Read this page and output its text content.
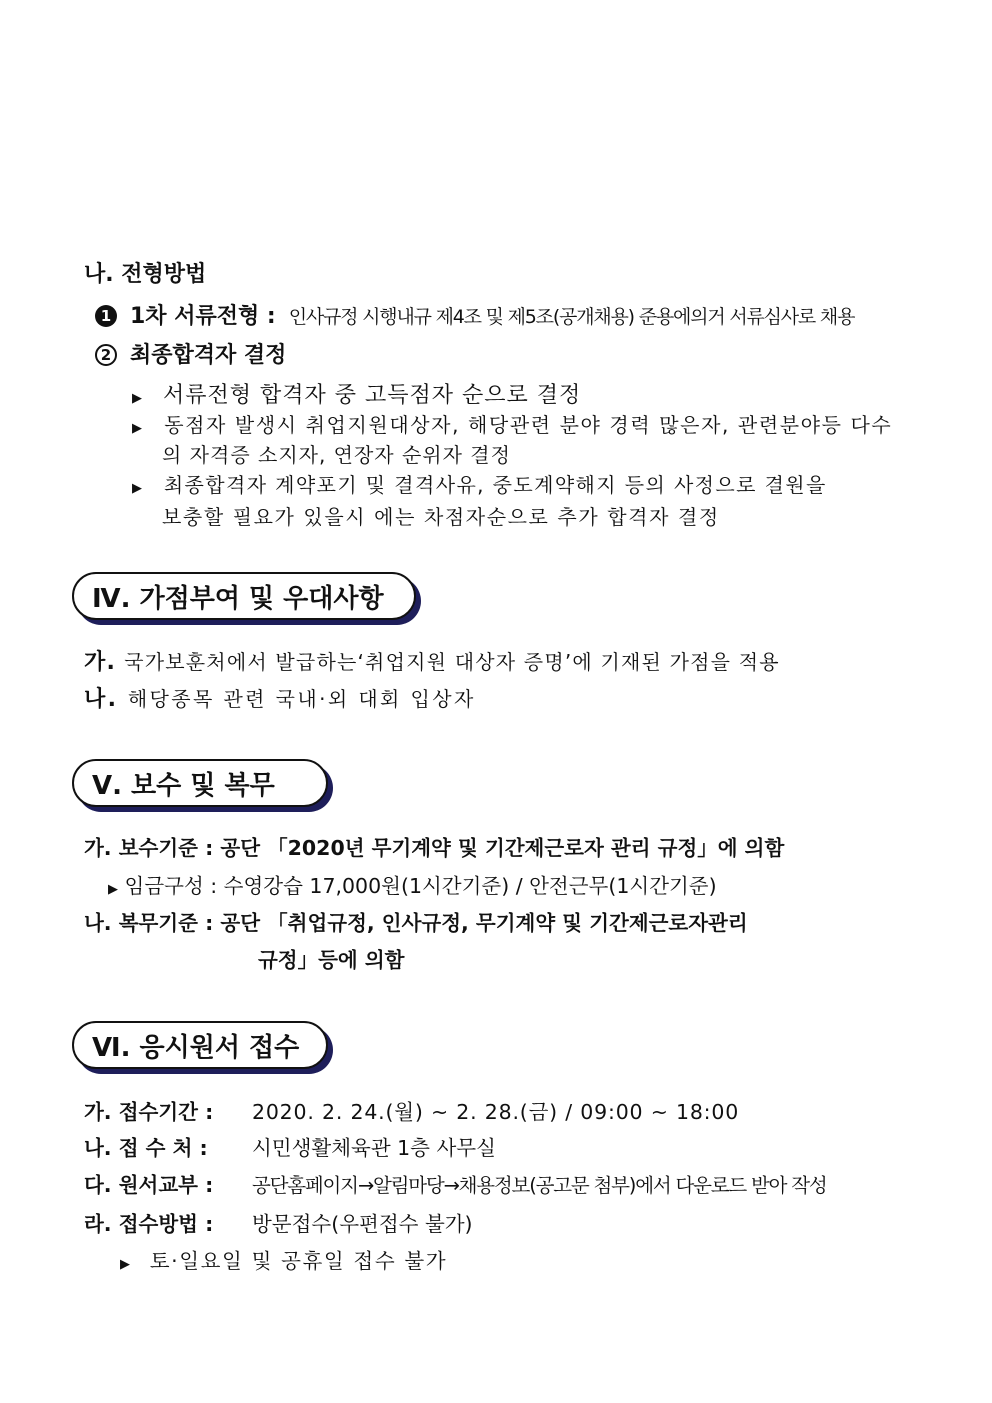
나. 전형방법
1 1차 서류전형 : 인사규정 시행내규 제4조 및 제5조(공개채용) 준용에의거 서류심사로 채용
2 최종합격자 결정
▶ 서류전형 합격자 중 고득점자 순으로 결정
▶ 동점자 발생시 취업지원대상자, 해당관련 분야 경력 많은자, 관련분야등 다수
의 자격증 소지자, 연장자 순위자 결정
▶ 최종합격자 계약포기 및 결격사유, 중도계약해지 등의 사정으로 결원을
보충할 필요가 있을시 에는 차점자순으로 추가 합격자 결정
Ⅳ. 가점부여 및 우대사항
가. 국가보훈처에서 발급하는‘취업지원 대상자 증명’에 기재된 가점을 적용
나. 해당종목 관련 국내·외 대회 입상자
Ⅴ. 보수 및 복무
가. 보수기준 : 공단 「2020년 무기계약 및 기간제근로자 관리 규정」에 의함
▶ 임금구성 : 수영강습 17,000원(1시간기준) / 안전근무(1시간기준)
나. 복무기준 : 공단 「취업규정, 인사규정, 무기계약 및 기간제근로자관리
규정」등에 의함
Ⅵ. 응시원서 접수
가. 접수기간 : 2020. 2. 24.(월) ~ 2. 28.(금) / 09:00 ~ 18:00
나. 접 수 처 : 시민생활체육관 1층 사무실
다. 원서교부 : 공단홈페이지→알림마당→채용정보(공고문 첨부)에서 다운로드 받아 작성
라. 접수방법 : 방문접수(우편접수 불가)
▶ 토·일요일 및 공휴일 접수 불가
